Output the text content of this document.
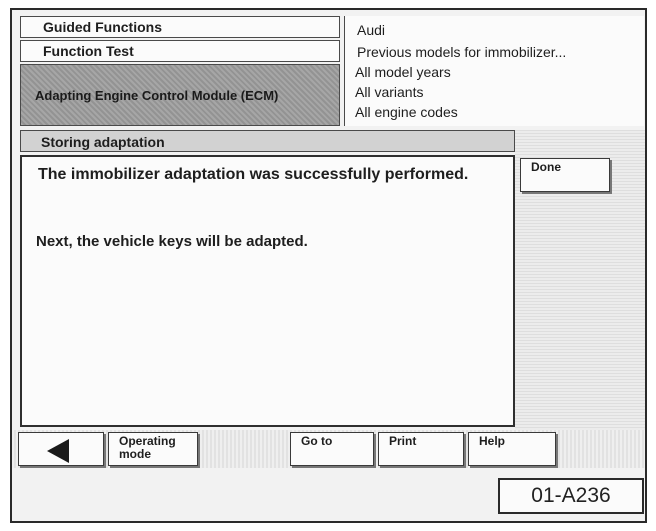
Guided Functions
Function Test
Adapting Engine Control Module (ECM)
Audi
Previous models for immobilizer...
All model years
All variants
All engine codes
Storing adaptation
The immobilizer adaptation was successfully performed.
Next, the vehicle keys will be adapted.
Done
Operating mode
Go to	Print	Help
01-A236
